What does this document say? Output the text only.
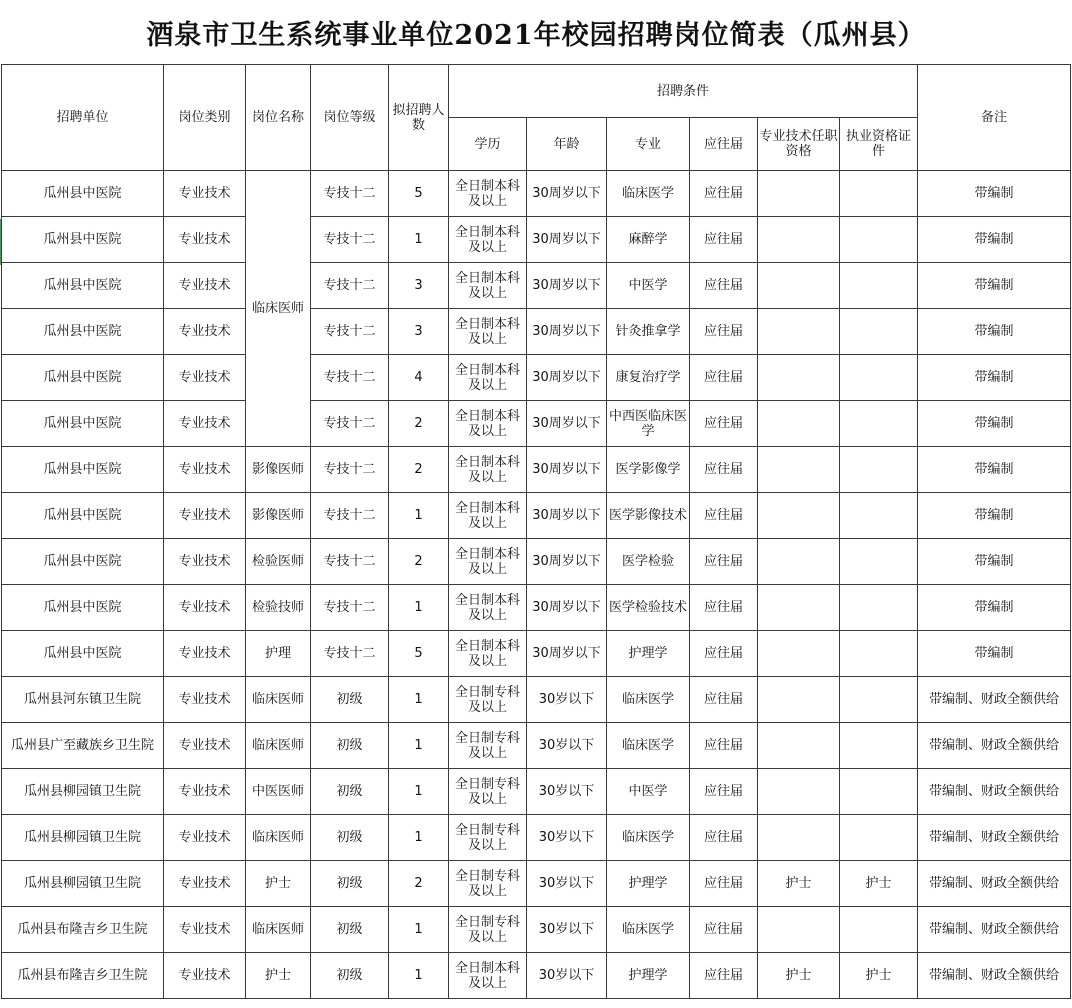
酒泉市卫生系统事业单位2021年校园招聘岗位简表（瓜州县）
招聘单位	岗位类别	岗位名称	岗位等级	拟招聘人数	招聘条件						备注
					学历	年龄	专业	应往届	专业技术任职资格	执业资格证件	
瓜州县中医院	专业技术	临床医师	专技十二	5	全日制本科及以上	30周岁以下	临床医学	应往届			带编制
瓜州县中医院	专业技术		专技十二	1	全日制本科及以上	30周岁以下	麻醉学	应往届			带编制
瓜州县中医院	专业技术		专技十二	3	全日制本科及以上	30周岁以下	中医学	应往届			带编制
瓜州县中医院	专业技术		专技十二	3	全日制本科及以上	30周岁以下	针灸推拿学	应往届			带编制
瓜州县中医院	专业技术		专技十二	4	全日制本科及以上	30周岁以下	康复治疗学	应往届			带编制
瓜州县中医院	专业技术		专技十二	2	全日制本科及以上	30周岁以下	中西医临床医学	应往届			带编制
瓜州县中医院	专业技术	影像医师	专技十二	2	全日制本科及以上	30周岁以下	医学影像学	应往届			带编制
瓜州县中医院	专业技术	影像医师	专技十二	1	全日制本科及以上	30周岁以下	医学影像技术	应往届			带编制
瓜州县中医院	专业技术	检验医师	专技十二	2	全日制本科及以上	30周岁以下	医学检验	应往届			带编制
瓜州县中医院	专业技术	检验技师	专技十二	1	全日制本科及以上	30周岁以下	医学检验技术	应往届			带编制
瓜州县中医院	专业技术	护理	专技十二	5	全日制本科及以上	30周岁以下	护理学	应往届			带编制
瓜州县河东镇卫生院	专业技术	临床医师	初级	1	全日制专科及以上	30岁以下	临床医学	应往届			带编制、财政全额供给
瓜州县广至藏族乡卫生院	专业技术	临床医师	初级	1	全日制专科及以上	30岁以下	临床医学	应往届			带编制、财政全额供给
瓜州县柳园镇卫生院	专业技术	中医医师	初级	1	全日制专科及以上	30岁以下	中医学	应往届			带编制、财政全额供给
瓜州县柳园镇卫生院	专业技术	临床医师	初级	1	全日制专科及以上	30岁以下	临床医学	应往届			带编制、财政全额供给
瓜州县柳园镇卫生院	专业技术	护士	初级	2	全日制专科及以上	30岁以下	护理学	应往届	护士	护士	带编制、财政全额供给
瓜州县布隆吉乡卫生院	专业技术	临床医师	初级	1	全日制专科及以上	30岁以下	临床医学	应往届			带编制、财政全额供给
瓜州县布隆吉乡卫生院	专业技术	护士	初级	1	全日制本科及以上	30岁以下	护理学	应往届	护士	护士	带编制、财政全额供给
